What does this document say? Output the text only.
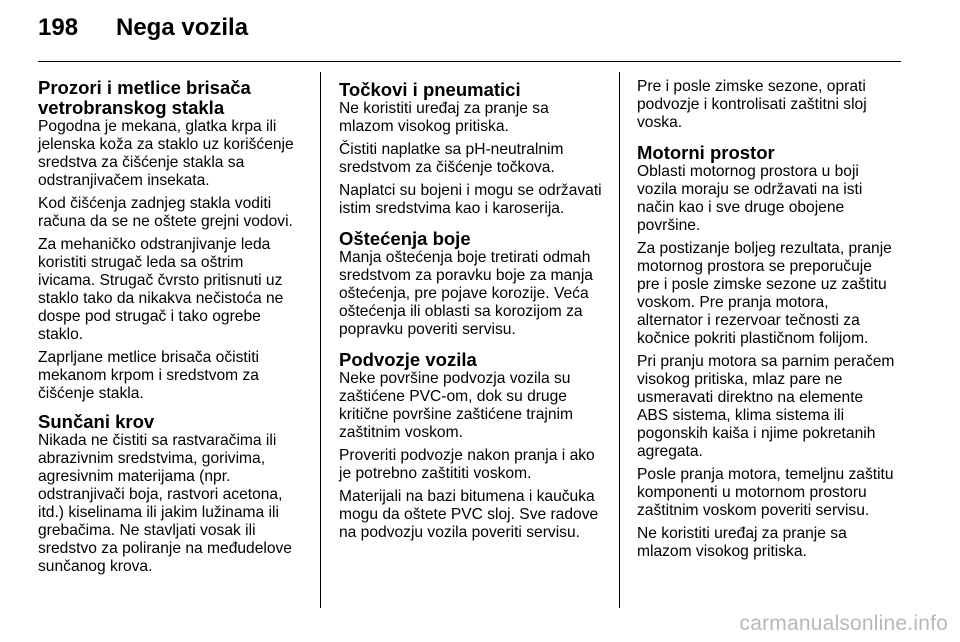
198	Nega vozila
Prozori i metlice brisača
vetrobranskog stakla

Pogodna je mekana, glatka krpa ili
jelenska koža za staklo uz korišćenje
sredstva za čišćenje stakla sa
odstranjivačem insekata.

Kod čišćenja zadnjeg stakla voditi
računa da se ne oštete grejni vodovi.

Za mehaničko odstranjivanje leda
koristiti strugač leda sa oštrim
ivicama. Strugač čvrsto pritisnuti uz
staklo tako da nikakva nečistoća ne
dospe pod strugač i tako ogrebe
staklo.

Zaprljane metlice brisača očistiti
mekanom krpom i sredstvom za
čišćenje stakla.

Sunčani krov

Nikada ne čistiti sa rastvaračima ili
abrazivnim sredstvima, gorivima,
agresivnim materijama (npr.
odstranjivači boja, rastvori acetona,
itd.) kiselinama ili jakim lužinama ili
grebačima. Ne stavljati vosak ili
sredstvo za poliranje na međudelove
sunčanog krova.

Točkovi i pneumatici

Ne koristiti uređaj za pranje sa
mlazom visokog pritiska.

Čistiti naplatke sa pH-neutralnim
sredstvom za čišćenje točkova.

Naplatci su bojeni i mogu se održavati
istim sredstvima kao i karoserija.

Oštećenja boje

Manja oštećenja boje tretirati odmah
sredstvom za poravku boje za manja
oštećenja, pre pojave korozije. Veća
oštećenja ili oblasti sa korozijom za
popravku poveriti servisu.

Podvozje vozila

Neke površine podvozja vozila su
zaštićene PVC-om, dok su druge
kritične površine zaštićene trajnim
zaštitnim voskom.

Proveriti podvozje nakon pranja i ako
je potrebno zaštititi voskom.

Materijali na bazi bitumena i kaučuka
mogu da oštete PVC sloj. Sve radove
na podvozju vozila poveriti servisu.

Pre i posle zimske sezone, oprati
podvozje i kontrolisati zaštitni sloj
voska.

Motorni prostor

Oblasti motornog prostora u boji
vozila moraju se održavati na isti
način kao i sve druge obojene
površine.

Za postizanje boljeg rezultata, pranje
motornog prostora se preporučuje
pre i posle zimske sezone uz zaštitu
voskom. Pre pranja motora,
alternator i rezervoar tečnosti za
kočnice pokriti plastičnom folijom.

Pri pranju motora sa parnim peračem
visokog pritiska, mlaz pare ne
usmeravati direktno na elemente
ABS sistema, klima sistema ili
pogonskih kaiša i njime pokretanih
agregata.

Posle pranja motora, temeljnu zaštitu
komponenti u motornom prostoru
zaštitnim voskom poveriti servisu.

Ne koristiti uređaj za pranje sa
mlazom visokog pritiska.

carmanualsonline.info
